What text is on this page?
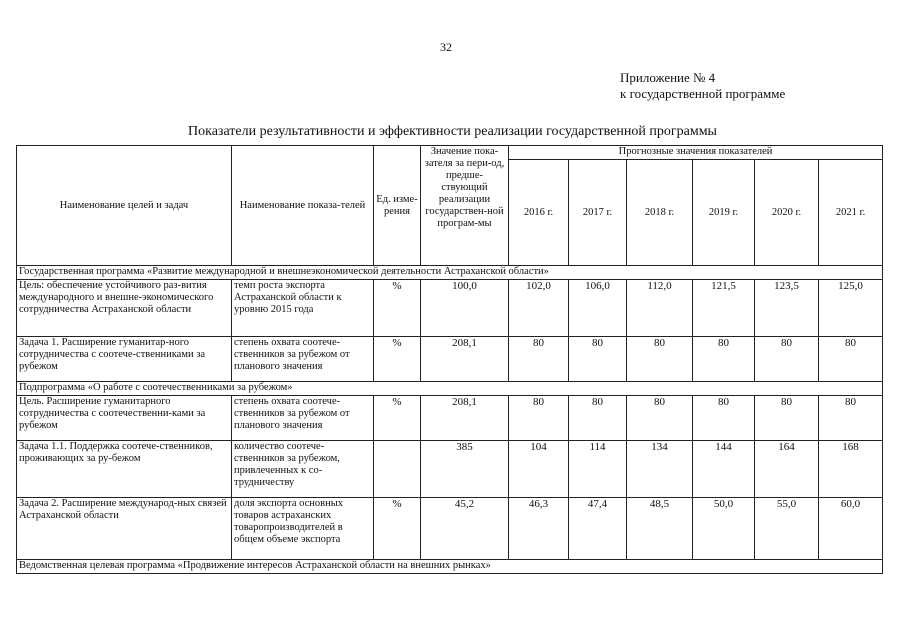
32
Приложение № 4
к государственной программе
Показатели результативности и эффективности реализации государственной программы
Наименование целей и задач	Наименование показа-телей	Ед. изме-рения	Значение пока-зателя за пери-од, предше-ствующий реализации государствен-ной програм-мы	Прогнозные значения показателей					
				2016 г.	2017 г.	2018 г.	2019 г.	2020 г.	2021 г.
Государственная программа «Развитие международной и внешнеэкономической деятельности Астраханской области»									
Цель: обеспечение устойчивого раз-вития международного и внешне-экономического сотрудничества Астраханской области	темп роста экспорта Астраханской области к уровню 2015 года	%	100,0	102,0	106,0	112,0	121,5	123,5	125,0
Задача 1. Расширение гуманитар-ного сотрудничества с соотече-ственниками за рубежом	степень охвата соотече-ственников за рубежом от планового значения	%	208,1	80	80	80	80	80	80
Подпрограмма «О работе с соотечественниками за рубежом»									
Цель. Расширение гуманитарного сотрудничества с соотечественни-ками за рубежом	степень охвата соотече-ственников за рубежом от планового значения	%	208,1	80	80	80	80	80	80
Задача 1.1. Поддержка соотече-ственников, проживающих за ру-бежом	количество соотече-ственников за рубежом, привлеченных к со-трудничеству		385	104	114	134	144	164	168
Задача 2. Расширение международ-ных связей Астраханской области	доля экспорта основных товаров астраханских товаропроизводителей в общем объеме экспорта	%	45,2	46,3	47,4	48,5	50,0	55,0	60,0
Ведомственная целевая программа «Продвижение интересов Астраханской области на внешних рынках»									
